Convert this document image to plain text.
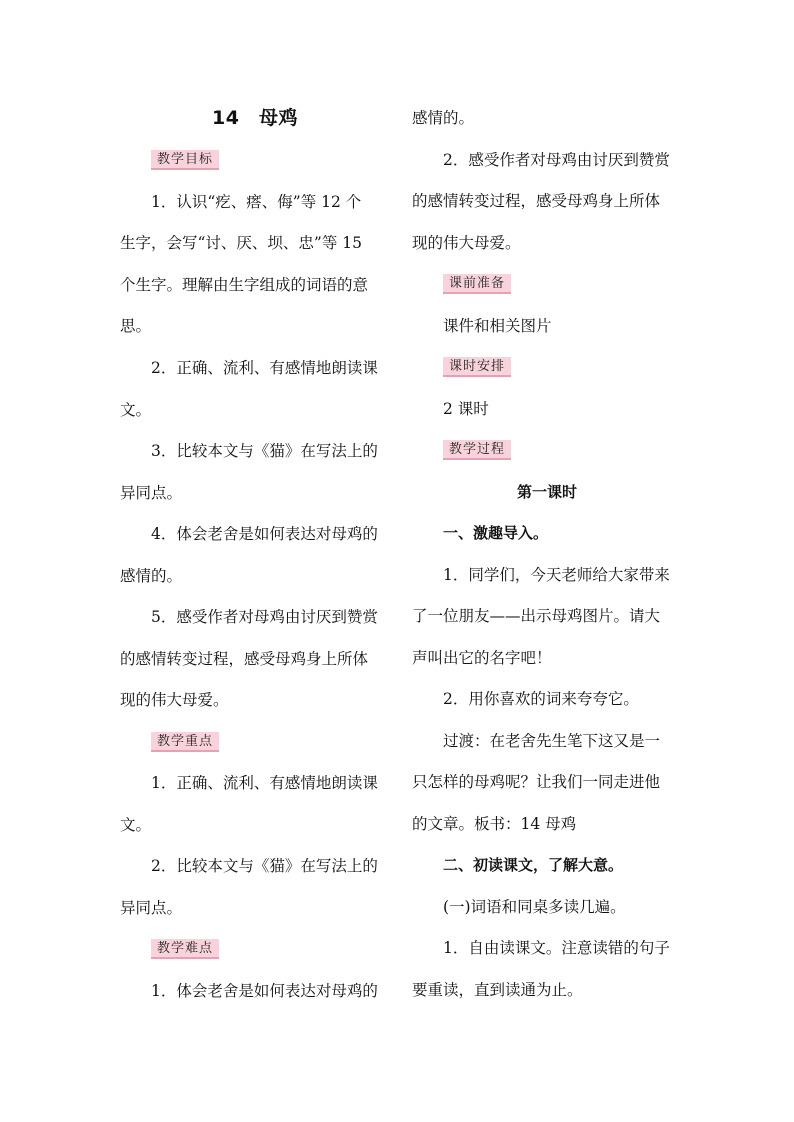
14　母鸡
教学目标
1．认识“疙、瘩、侮”等 12 个
生字，会写“讨、厌、坝、忠”等 15
个生字。理解由生字组成的词语的意
思。
2．正确、流利、有感情地朗读课
文。
3．比较本文与《猫》在写法上的
异同点。
4．体会老舍是如何表达对母鸡的
感情的。
5．感受作者对母鸡由讨厌到赞赏
的感情转变过程，感受母鸡身上所体
现的伟大母爱。
教学重点
1．正确、流利、有感情地朗读课
文。
2．比较本文与《猫》在写法上的
异同点。
教学难点
1．体会老舍是如何表达对母鸡的
感情的。
2．感受作者对母鸡由讨厌到赞赏
的感情转变过程，感受母鸡身上所体
现的伟大母爱。
课前准备
课件和相关图片
课时安排
2 课时
教学过程
第一课时
一、激趣导入。
1．同学们，今天老师给大家带来
了一位朋友——出示母鸡图片。请大
声叫出它的名字吧！
2．用你喜欢的词来夸夸它。
过渡：在老舍先生笔下这又是一
只怎样的母鸡呢？让我们一同走进他
的文章。板书：14 母鸡
二、初读课文，了解大意。
(一)词语和同桌多读几遍。
1．自由读课文。注意读错的句子
要重读，直到读通为止。
